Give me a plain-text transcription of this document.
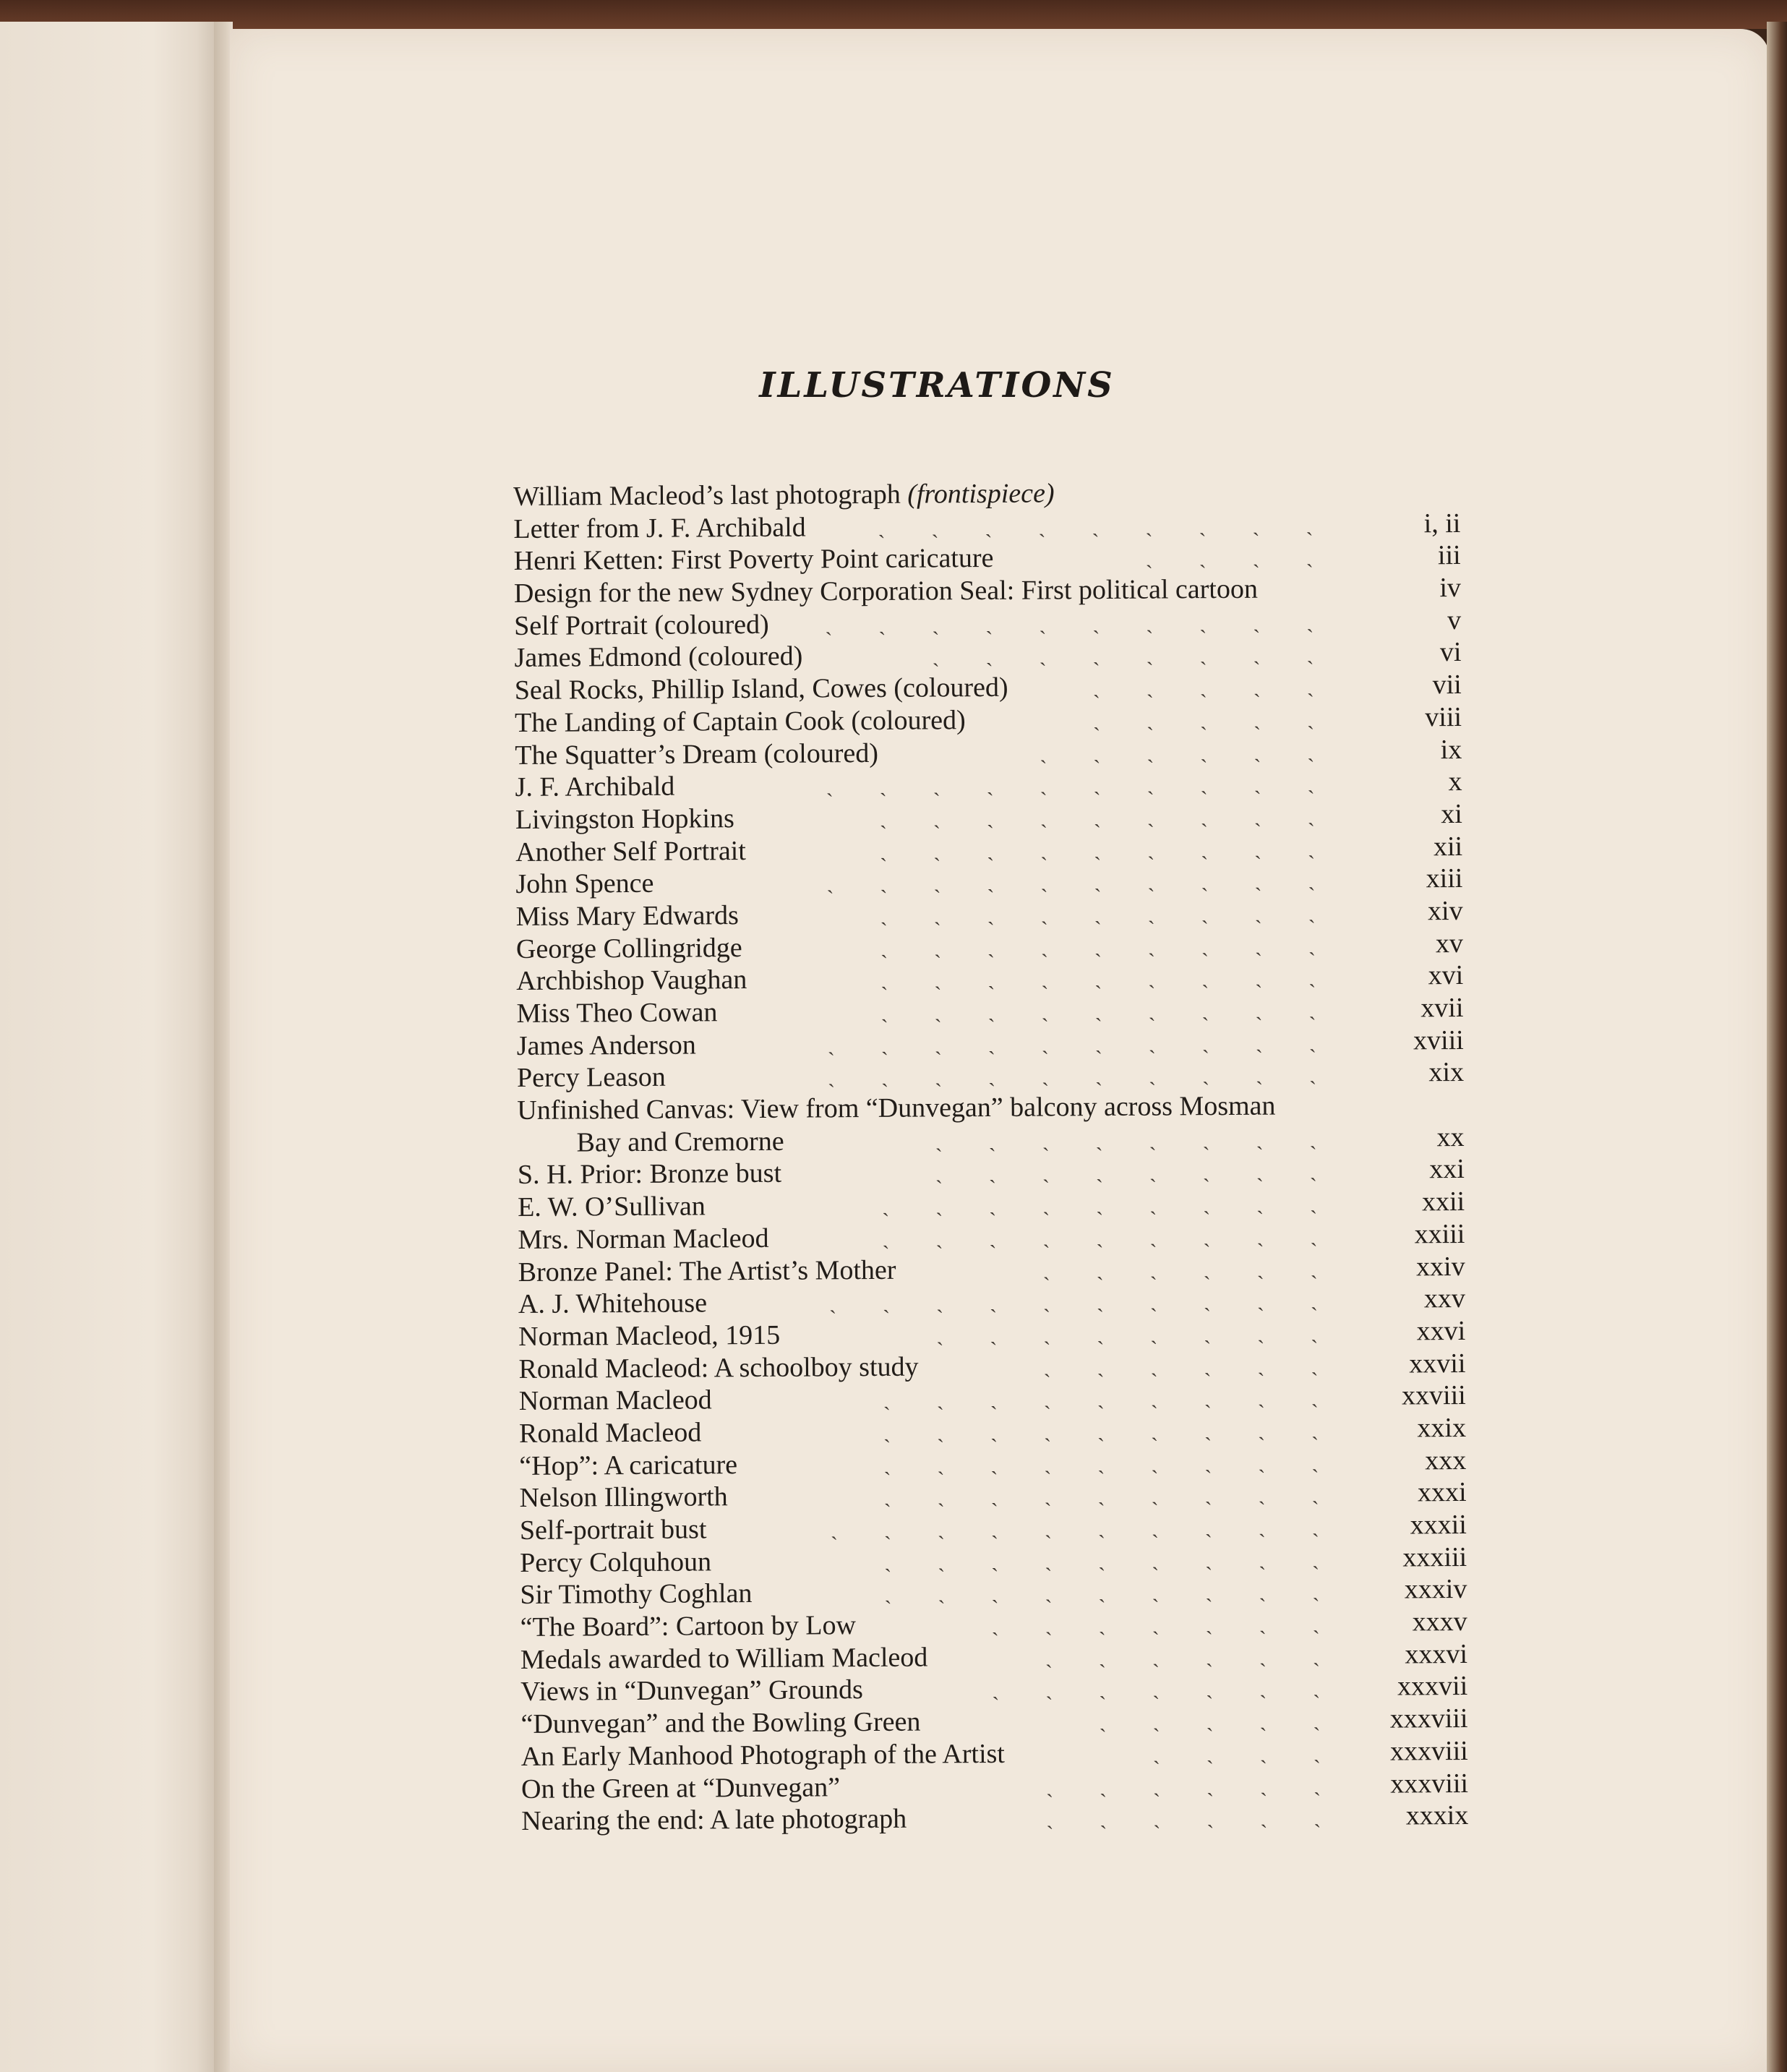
ILLUSTRATIONS
William Macleod’s last photograph (frontispiece)
Letter from J. F. Archibald	ˏˏˏˏˏˏˏˏˏ	i, ii
Henri Ketten: First Poverty Point caricature	ˏˏˏˏ	iii
Design for the new Sydney Corporation Seal: First political cartoon	iv
Self Portrait (coloured)	ˏˏˏˏˏˏˏˏˏˏ	v
James Edmond (coloured)	ˏˏˏˏˏˏˏˏ	vi
Seal Rocks, Phillip Island, Cowes (coloured)	ˏˏˏˏˏ	vii
The Landing of Captain Cook (coloured)	ˏˏˏˏˏ	viii
The Squatter’s Dream (coloured)	ˏˏˏˏˏˏ	ix
J. F. Archibald	ˏˏˏˏˏˏˏˏˏˏ	x
Livingston Hopkins	ˏˏˏˏˏˏˏˏˏ	xi
Another Self Portrait	ˏˏˏˏˏˏˏˏˏ	xii
John Spence	ˏˏˏˏˏˏˏˏˏˏ	xiii
Miss Mary Edwards	ˏˏˏˏˏˏˏˏˏ	xiv
George Collingridge	ˏˏˏˏˏˏˏˏˏ	xv
Archbishop Vaughan	ˏˏˏˏˏˏˏˏˏ	xvi
Miss Theo Cowan	ˏˏˏˏˏˏˏˏˏ	xvii
James Anderson	ˏˏˏˏˏˏˏˏˏˏ	xviii
Percy Leason	ˏˏˏˏˏˏˏˏˏˏ	xix
Unfinished Canvas: View from “Dunvegan” balcony across Mosman
Bay and Cremorne	ˏˏˏˏˏˏˏˏ	xx
S. H. Prior: Bronze bust	ˏˏˏˏˏˏˏˏ	xxi
E. W. O’Sullivan	ˏˏˏˏˏˏˏˏˏ	xxii
Mrs. Norman Macleod	ˏˏˏˏˏˏˏˏˏ	xxiii
Bronze Panel: The Artist’s Mother	ˏˏˏˏˏˏ	xxiv
A. J. Whitehouse	ˏˏˏˏˏˏˏˏˏˏ	xxv
Norman Macleod, 1915	ˏˏˏˏˏˏˏˏ	xxvi
Ronald Macleod: A schoolboy study	ˏˏˏˏˏˏ	xxvii
Norman Macleod	ˏˏˏˏˏˏˏˏˏ	xxviii
Ronald Macleod	ˏˏˏˏˏˏˏˏˏ	xxix
“Hop”: A caricature	ˏˏˏˏˏˏˏˏˏ	xxx
Nelson Illingworth	ˏˏˏˏˏˏˏˏˏ	xxxi
Self-portrait bust	ˏˏˏˏˏˏˏˏˏˏ	xxxii
Percy Colquhoun	ˏˏˏˏˏˏˏˏˏ	xxxiii
Sir Timothy Coghlan	ˏˏˏˏˏˏˏˏˏ	xxxiv
“The Board”: Cartoon by Low	ˏˏˏˏˏˏˏ	xxxv
Medals awarded to William Macleod	ˏˏˏˏˏˏ	xxxvi
Views in “Dunvegan” Grounds	ˏˏˏˏˏˏˏ	xxxvii
“Dunvegan” and the Bowling Green	ˏˏˏˏˏ xxxviii
An Early Manhood Photograph of the Artist	ˏˏˏˏ xxxviii
On the Green at “Dunvegan”	ˏˏˏˏˏˏ xxxviii
Nearing the end: A late photograph	ˏˏˏˏˏˏ	xxxix
